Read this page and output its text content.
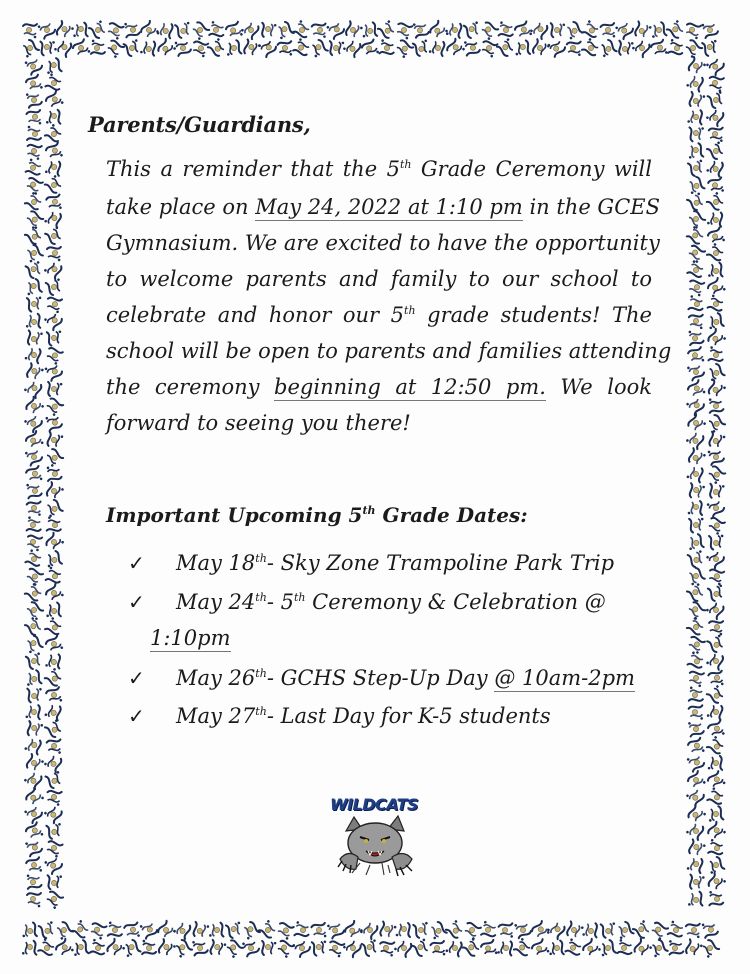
Parents/Guardians,
This a reminder that the 5th Grade Ceremony will
take place on May 24, 2022 at 1:10 pm in the GCES
Gymnasium. We are excited to have the opportunity
to welcome parents and family to our school to
celebrate and honor our 5th grade students! The
school will be open to parents and families attending
the ceremony beginning at 12:50 pm. We look
forward to seeing you there!
Important Upcoming 5th Grade Dates:
✓ May 18th- Sky Zone Trampoline Park Trip
✓ May 24th- 5th Ceremony & Celebration @
1:10pm
✓ May 26th- GCHS Step-Up Day @ 10am-2pm
✓ May 27th- Last Day for K-5 students
WILDCATS
